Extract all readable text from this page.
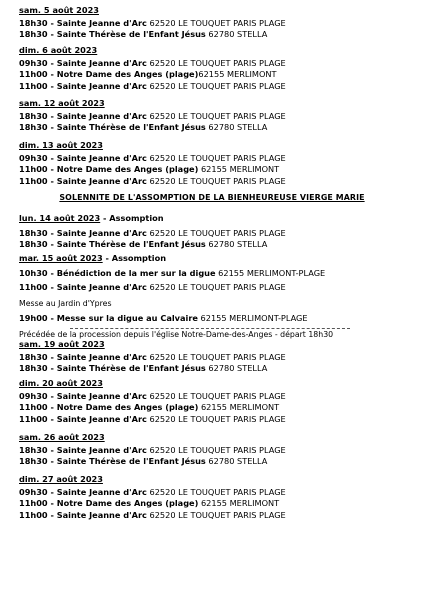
sam. 5 août 2023
18h30 - Sainte Jeanne d'Arc 62520 LE TOUQUET PARIS PLAGE
18h30 - Sainte Thérèse de l'Enfant Jésus 62780 STELLA
dim. 6 août 2023
09h30 - Sainte Jeanne d'Arc 62520 LE TOUQUET PARIS PLAGE
11h00 - Notre Dame des Anges (plage)62155 MERLIMONT
11h00 - Sainte Jeanne d'Arc 62520 LE TOUQUET PARIS PLAGE
sam. 12 août 2023
18h30 - Sainte Jeanne d'Arc 62520 LE TOUQUET PARIS PLAGE
18h30 - Sainte Thérèse de l'Enfant Jésus 62780 STELLA
dim. 13 août 2023
09h30 - Sainte Jeanne d'Arc 62520 LE TOUQUET PARIS PLAGE
11h00 - Notre Dame des Anges (plage) 62155 MERLIMONT
11h00 - Sainte Jeanne d'Arc 62520 LE TOUQUET PARIS PLAGE
SOLENNITE DE L'ASSOMPTION DE LA BIENHEUREUSE VIERGE MARIE
lun. 14 août 2023 - Assomption
18h30 - Sainte Jeanne d'Arc 62520 LE TOUQUET PARIS PLAGE
18h30 - Sainte Thérèse de l'Enfant Jésus 62780 STELLA
mar. 15 août 2023 - Assomption
10h30 - Bénédiction de la mer sur la digue 62155 MERLIMONT-PLAGE
11h00 - Sainte Jeanne d'Arc 62520 LE TOUQUET PARIS PLAGE
Messe au Jardin d'Ypres
19h00 - Messe sur la digue au Calvaire 62155 MERLIMONT-PLAGE
Précédée de la procession depuis l'église Notre-Dame-des-Anges - départ 18h30
sam. 19 août 2023
18h30 - Sainte Jeanne d'Arc 62520 LE TOUQUET PARIS PLAGE
18h30 - Sainte Thérèse de l'Enfant Jésus 62780 STELLA
dim. 20 août 2023
09h30 - Sainte Jeanne d'Arc 62520 LE TOUQUET PARIS PLAGE
11h00 - Notre Dame des Anges (plage) 62155 MERLIMONT
11h00 - Sainte Jeanne d'Arc 62520 LE TOUQUET PARIS PLAGE
sam. 26 août 2023
18h30 - Sainte Jeanne d'Arc 62520 LE TOUQUET PARIS PLAGE
18h30 - Sainte Thérèse de l'Enfant Jésus 62780 STELLA
dim. 27 août 2023
09h30 - Sainte Jeanne d'Arc 62520 LE TOUQUET PARIS PLAGE
11h00 - Notre Dame des Anges (plage) 62155 MERLIMONT
11h00 - Sainte Jeanne d'Arc 62520 LE TOUQUET PARIS PLAGE
